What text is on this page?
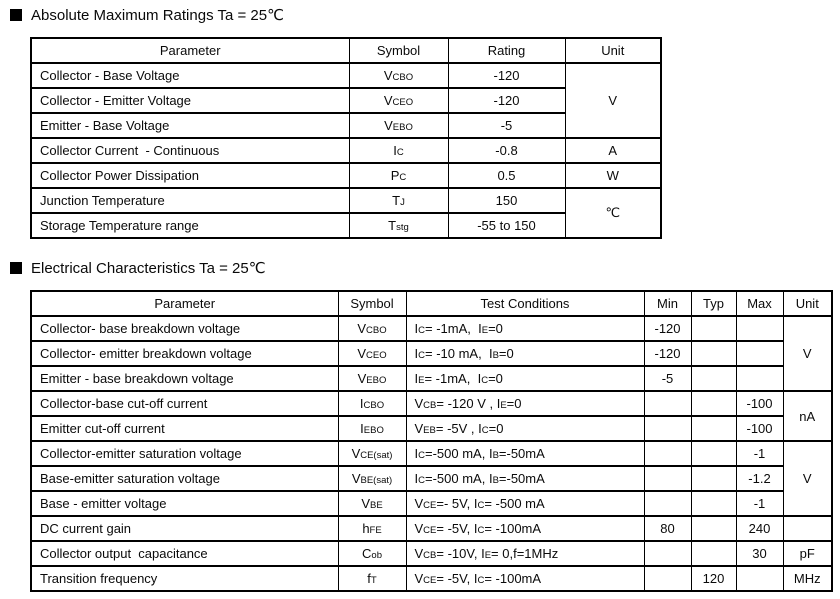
Absolute Maximum Ratings Ta = 25℃
Parameter	Symbol	Rating	Unit
Collector - Base Voltage	VCBO	-120	V
Collector - Emitter Voltage	VCEO	-120	
Emitter - Base Voltage	VEBO	-5	
Collector Current  - Continuous	IC	-0.8	A
Collector Power Dissipation	PC	0.5	W
Junction Temperature	TJ	150	℃
Storage Temperature range	Tstg	-55 to 150	
Electrical Characteristics Ta = 25℃
Parameter	Symbol	Test Conditions	Min	Typ	Max	Unit
Collector- base breakdown voltage	VCBO	IC= -1mA,  IE=0	-120			V
Collector- emitter breakdown voltage	VCEO	IC= -10 mA,  IB=0	-120			
Emitter - base breakdown voltage	VEBO	IE= -1mA,  IC=0	-5			
Collector-base cut-off current	ICBO	VCB= -120 V , IE=0			-100	nA
Emitter cut-off current	IEBO	VEB= -5V , IC=0			-100	
Collector-emitter saturation voltage	VCE(sat)	IC=-500 mA, IB=-50mA			-1	V
Base-emitter saturation voltage	VBE(sat)	IC=-500 mA, IB=-50mA			-1.2	
Base - emitter voltage	VBE	VCE=- 5V, IC= -500 mA			-1	
DC current gain	hFE	VCE= -5V, IC= -100mA	80		240	
Collector output  capacitance	Cob	VCB= -10V, IE= 0,f=1MHz			30	pF
Transition frequency	fT	VCE= -5V, IC= -100mA		120		MHz
